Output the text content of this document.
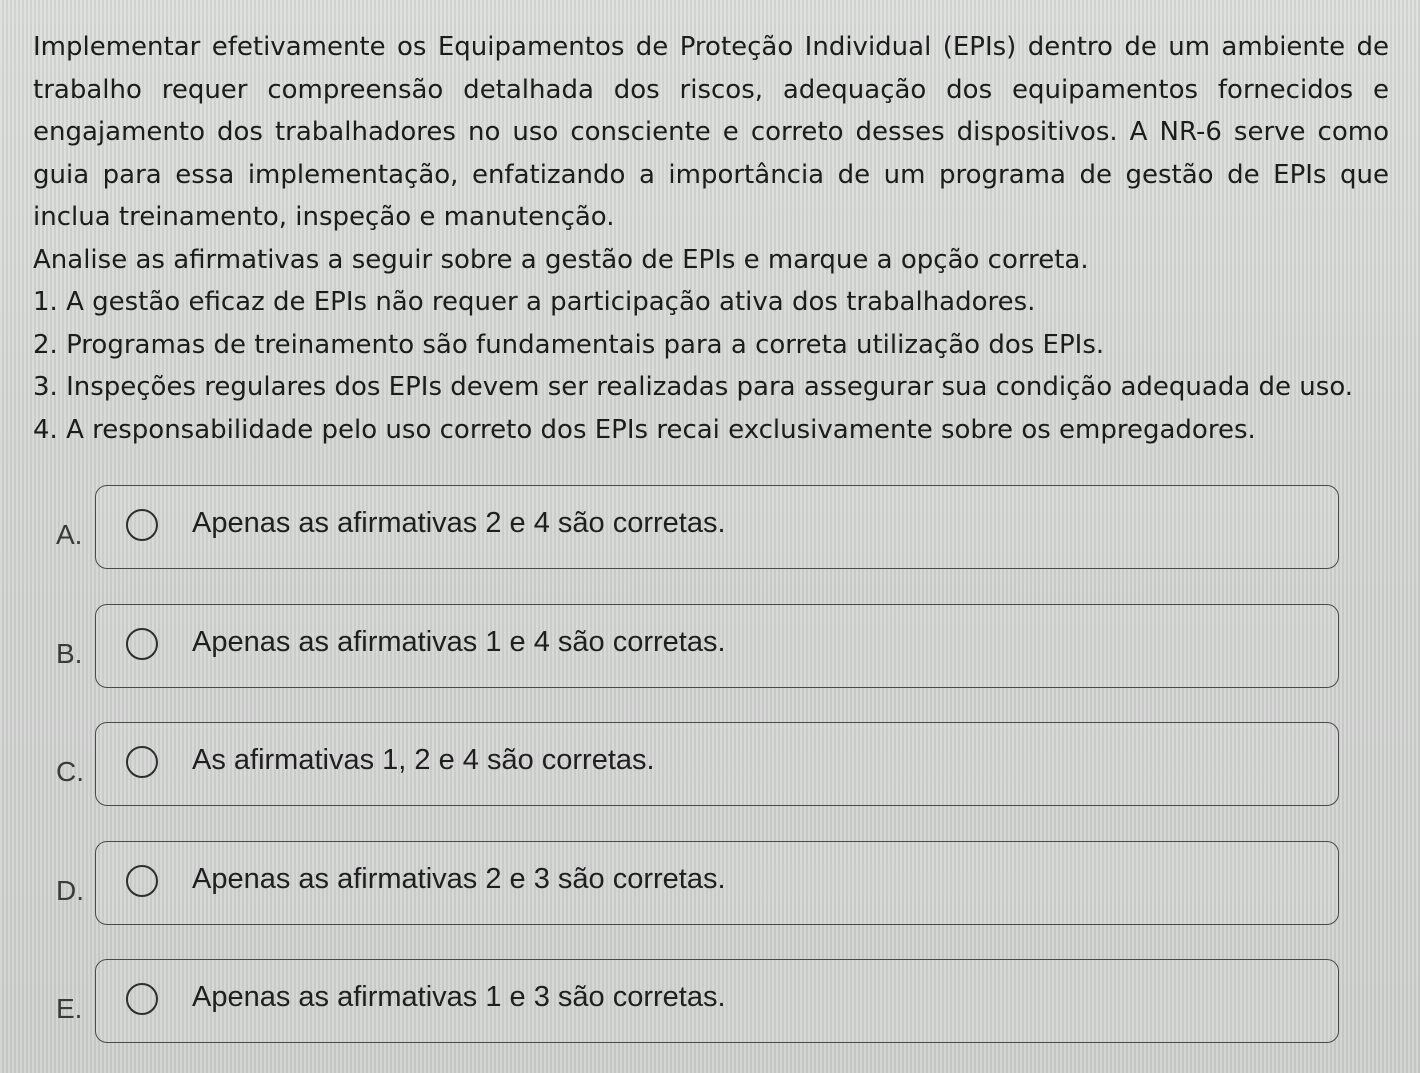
Implementar efetivamente os Equipamentos de Proteção Individual (EPIs) dentro de um ambiente de trabalho requer compreensão detalhada dos riscos, adequação dos equipamentos fornecidos e engajamento dos trabalhadores no uso consciente e correto desses dispositivos. A NR-6 serve como guia para essa implementação, enfatizando a importância de um programa de gestão de EPIs que inclua treinamento, inspeção e manutenção.

Analise as afirmativas a seguir sobre a gestão de EPIs e marque a opção correta.

1. A gestão eficaz de EPIs não requer a participação ativa dos trabalhadores.

2. Programas de treinamento são fundamentais para a correta utilização dos EPIs.

3. Inspeções regulares dos EPIs devem ser realizadas para assegurar sua condição adequada de uso.

4. A responsabilidade pelo uso correto dos EPIs recai exclusivamente sobre os empregadores.

A.	Apenas as afirmativas 2 e 4 são corretas.
B.	Apenas as afirmativas 1 e 4 são corretas.
C.	As afirmativas 1, 2 e 4 são corretas.
D.	Apenas as afirmativas 2 e 3 são corretas.
E.	Apenas as afirmativas 1 e 3 são corretas.
